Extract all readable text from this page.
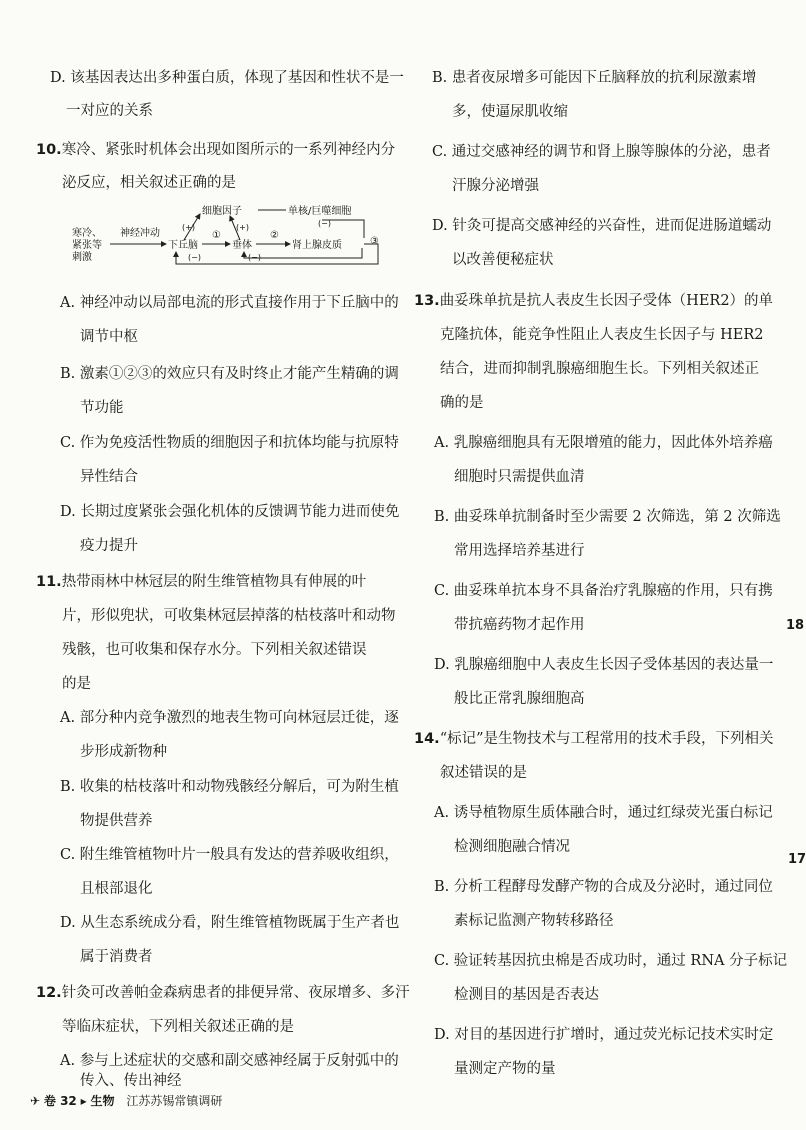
D. 该基因表达出多种蛋白质，体现了基因和性状不是一
一对应的关系
10.寒冷、紧张时机体会出现如图所示的一系列神经内分
泌反应，相关叙述正确的是
寒冷、
紧张等
刺激
神经冲动
下丘脑	垂体	肾上腺皮质
细胞因子	单核/巨噬细胞
①	②
③
(+)	(+)	(−)
(−)	(−)
A. 神经冲动以局部电流的形式直接作用于下丘脑中的
调节中枢
B. 激素①②③的效应只有及时终止才能产生精确的调
节功能
C. 作为免疫活性物质的细胞因子和抗体均能与抗原特
异性结合
D. 长期过度紧张会强化机体的反馈调节能力进而使免
疫力提升
11.热带雨林中林冠层的附生维管植物具有伸展的叶
片，形似兜状，可收集林冠层掉落的枯枝落叶和动物
残骸，也可收集和保存水分。下列相关叙述错误
的是
A. 部分种内竞争激烈的地表生物可向林冠层迁徙，逐
步形成新物种
B. 收集的枯枝落叶和动物残骸经分解后，可为附生植
物提供营养
C. 附生维管植物叶片一般具有发达的营养吸收组织，
且根部退化
D. 从生态系统成分看，附生维管植物既属于生产者也
属于消费者
12.针灸可改善帕金森病患者的排便异常、夜尿增多、多汗
等临床症状，下列相关叙述正确的是
A. 参与上述症状的交感和副交感神经属于反射弧中的
传入、传出神经
B. 患者夜尿增多可能因下丘脑释放的抗利尿激素增
多，使逼尿肌收缩
C. 通过交感神经的调节和肾上腺等腺体的分泌，患者
汗腺分泌增强
D. 针灸可提高交感神经的兴奋性，进而促进肠道蠕动
以改善便秘症状
13.曲妥珠单抗是抗人表皮生长因子受体（HER2）的单
克隆抗体，能竞争性阻止人表皮生长因子与 HER2
结合，进而抑制乳腺癌细胞生长。下列相关叙述正
确的是
A. 乳腺癌细胞具有无限增殖的能力，因此体外培养癌
细胞时只需提供血清
B. 曲妥珠单抗制备时至少需要 2 次筛选，第 2 次筛选
常用选择培养基进行
C. 曲妥珠单抗本身不具备治疗乳腺癌的作用，只有携
带抗癌药物才起作用
D. 乳腺癌细胞中人表皮生长因子受体基因的表达量一
般比正常乳腺细胞高
14.“标记”是生物技术与工程常用的技术手段，下列相关
叙述错误的是
A. 诱导植物原生质体融合时，通过红绿荧光蛋白标记
检测细胞融合情况
B. 分析工程酵母发酵产物的合成及分泌时，通过同位
素标记监测产物转移路径
C. 验证转基因抗虫棉是否成功时，通过 RNA 分子标记
检测目的基因是否表达
D. 对目的基因进行扩增时，通过荧光标记技术实时定
量测定产物的量
18
17
✈ 卷 32 ▸ 生物 江苏苏锡常镇调研
